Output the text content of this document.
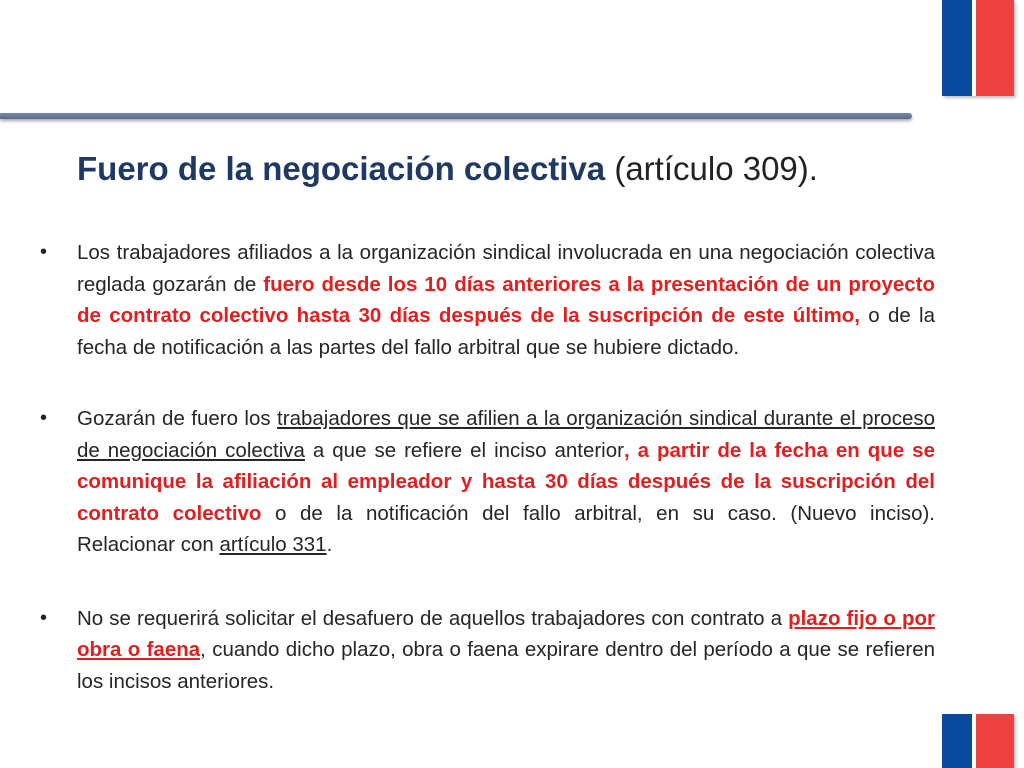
Fuero de la negociación colectiva (artículo 309).
•	Los trabajadores afiliados a la organización sindical involucrada en una negociación colectiva reglada gozarán de fuero desde los 10 días anteriores a la presentación de un proyecto de contrato colectivo hasta 30 días después de la suscripción de este último, o de la fecha de notificación a las partes del fallo arbitral que se hubiere dictado.

•	Gozarán de fuero los trabajadores que se afilien a la organización sindical durante el proceso de negociación colectiva a que se refiere el inciso anterior, a partir de la fecha en que se comunique la afiliación al empleador y hasta 30 días después de la suscripción del contrato colectivo o de la notificación del fallo arbitral, en su caso. (Nuevo inciso). Relacionar con artículo 331.

•	No se requerirá solicitar el desafuero de aquellos trabajadores con contrato a plazo fijo o por obra o faena, cuando dicho plazo, obra o faena expirare dentro del período a que se refieren los incisos anteriores.
